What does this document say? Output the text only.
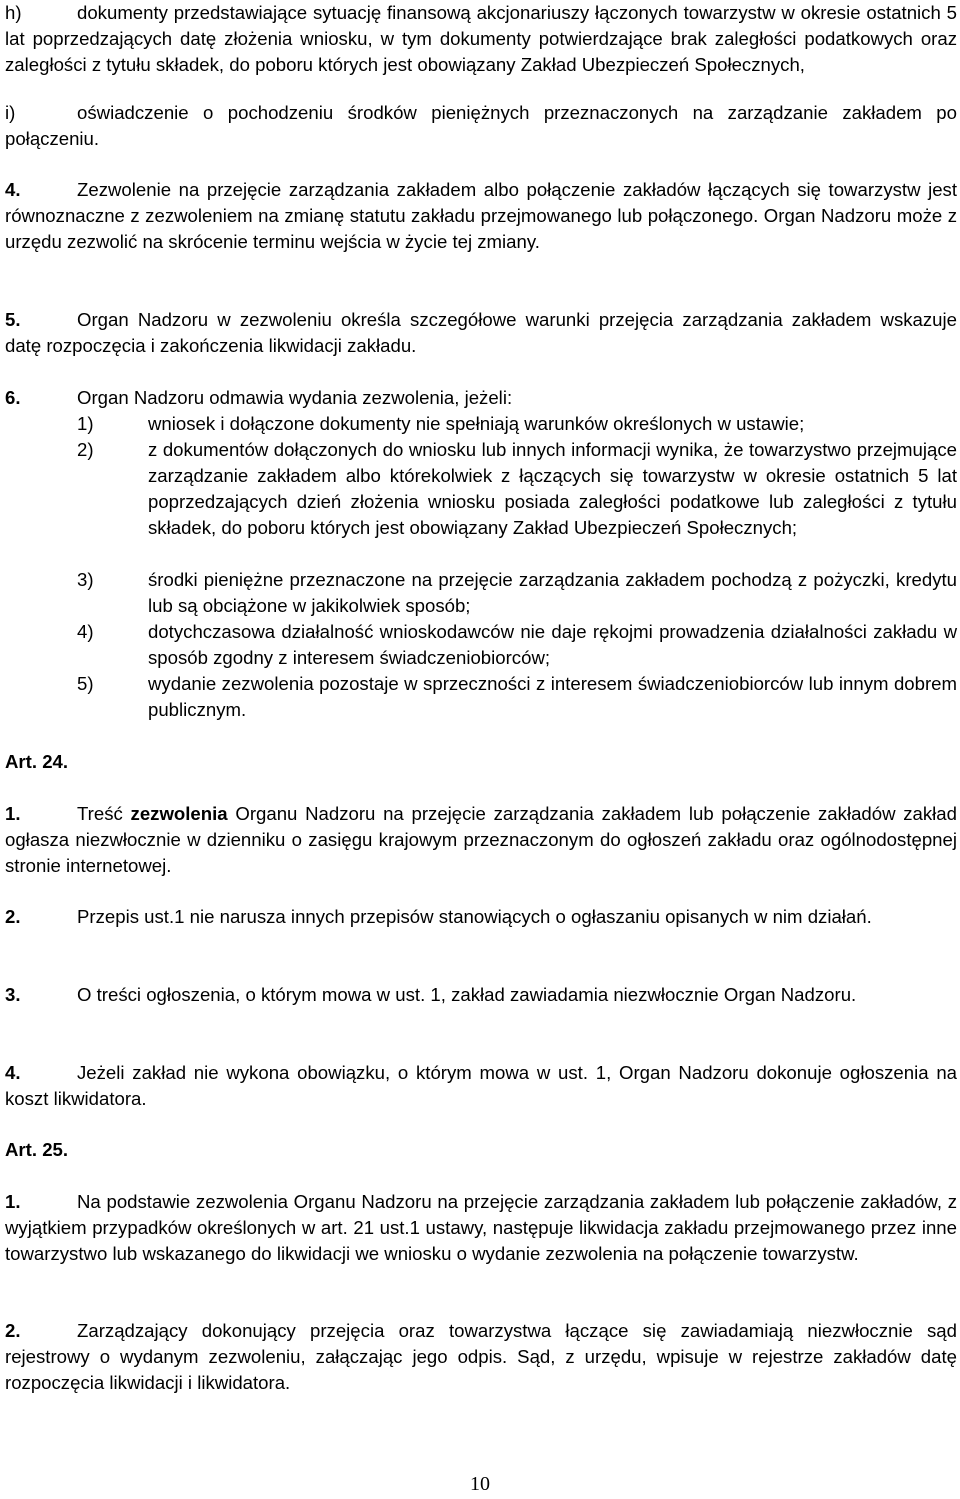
h)	dokumenty przedstawiające sytuację finansową akcjonariuszy łączonych towarzystw w okresie ostatnich 5 lat poprzedzających datę złożenia wniosku, w tym dokumenty potwierdzające brak zaległości podatkowych oraz zaległości z tytułu składek, do poboru których jest obowiązany Zakład Ubezpieczeń Społecznych,
i)	oświadczenie o pochodzeniu środków pieniężnych przeznaczonych na zarządzanie zakładem po połączeniu.
4.	Zezwolenie na przejęcie zarządzania zakładem albo połączenie zakładów łączących się towarzystw jest równoznaczne z zezwoleniem na zmianę statutu zakładu przejmowanego lub połączonego. Organ Nadzoru może z urzędu zezwolić na skrócenie terminu wejścia w życie tej zmiany.
5.	Organ Nadzoru w zezwoleniu określa szczegółowe warunki przejęcia zarządzania zakładem wskazuje datę rozpoczęcia i zakończenia likwidacji zakładu.
6.	Organ Nadzoru odmawia wydania zezwolenia, jeżeli:
1)	wniosek i dołączone dokumenty nie spełniają warunków określonych w ustawie;
2)	z dokumentów dołączonych do wniosku lub innych informacji wynika, że towarzystwo przejmujące zarządzanie zakładem albo którekolwiek z łączących się towarzystw w okresie ostatnich 5 lat poprzedzających dzień złożenia wniosku posiada zaległości podatkowe lub zaległości z tytułu składek, do poboru których jest obowiązany Zakład Ubezpieczeń Społecznych;
3)	środki pieniężne przeznaczone na przejęcie zarządzania zakładem pochodzą z pożyczki, kredytu lub są obciążone w jakikolwiek sposób;
4)	dotychczasowa działalność wnioskodawców nie daje rękojmi prowadzenia działalności zakładu w sposób zgodny z interesem świadczeniobiorców;
5)	wydanie zezwolenia pozostaje w sprzeczności z interesem świadczeniobiorców lub innym dobrem publicznym.
Art. 24.
1.	Treść zezwolenia Organu Nadzoru na przejęcie zarządzania zakładem lub połączenie zakładów zakład ogłasza niezwłocznie w dzienniku o zasięgu krajowym przeznaczonym do ogłoszeń zakładu oraz ogólnodostępnej stronie internetowej.
2.	Przepis ust.1 nie narusza innych przepisów stanowiących o ogłaszaniu opisanych w nim działań.
3.	O treści ogłoszenia, o którym mowa w ust. 1, zakład zawiadamia niezwłocznie Organ Nadzoru.
4.	Jeżeli zakład nie wykona obowiązku, o którym mowa w ust. 1, Organ Nadzoru dokonuje ogłoszenia na koszt likwidatora.
Art. 25.
1.	Na podstawie zezwolenia Organu Nadzoru na przejęcie zarządzania zakładem lub połączenie zakładów, z wyjątkiem przypadków określonych w art. 21 ust.1 ustawy, następuje likwidacja zakładu przejmowanego przez inne towarzystwo lub wskazanego do likwidacji we wniosku o wydanie zezwolenia na połączenie towarzystw.
2.	Zarządzający dokonujący przejęcia oraz towarzystwa łączące się zawiadamiają niezwłocznie sąd rejestrowy o wydanym zezwoleniu, załączając jego odpis. Sąd, z urzędu, wpisuje w rejestrze zakładów datę rozpoczęcia likwidacji i likwidatora.
10
